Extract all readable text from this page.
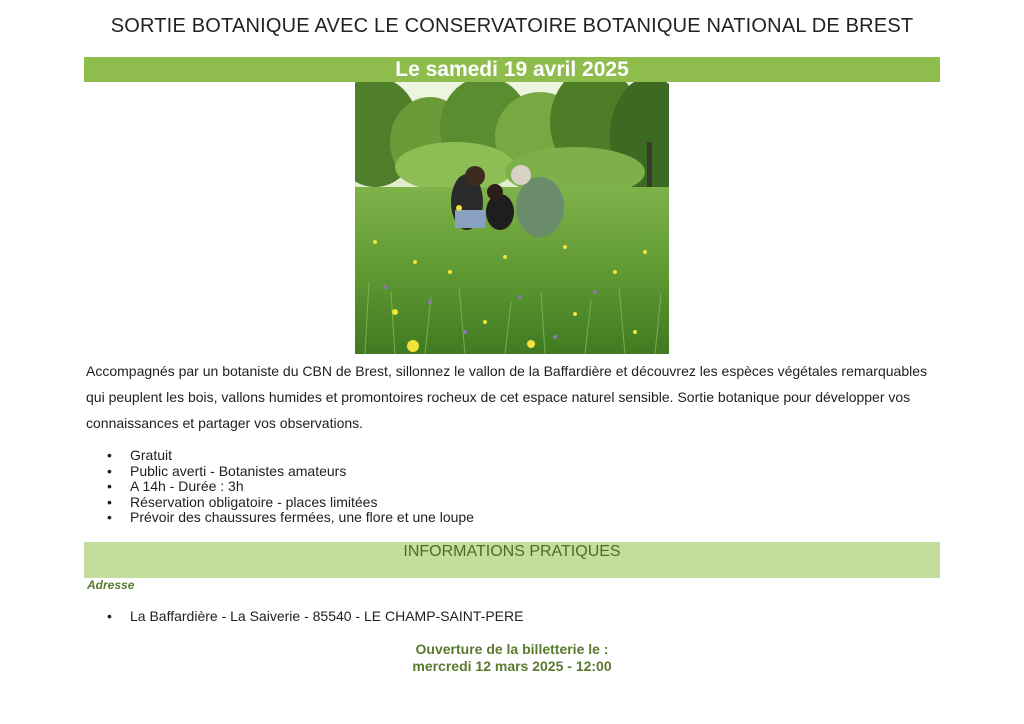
SORTIE BOTANIQUE AVEC LE CONSERVATOIRE BOTANIQUE NATIONAL DE BREST
Le samedi 19 avril 2025
Accompagnés par un botaniste du CBN de Brest, sillonnez le vallon de la Baffardière et découvrez les espèces végétales remarquables qui peuplent les bois, vallons humides et promontoires rocheux de cet espace naturel sensible. Sortie botanique pour développer vos connaissances et partager vos observations.
• Gratuit
• Public averti - Botanistes amateurs
• A 14h - Durée : 3h
• Réservation obligatoire - places limitées
• Prévoir des chaussures fermées, une flore et une loupe
INFORMATIONS PRATIQUES
Adresse
• La Baffardière - La Saiverie - 85540 - LE CHAMP-SAINT-PERE
Ouverture de la billetterie le :
mercredi 12 mars 2025 - 12:00
